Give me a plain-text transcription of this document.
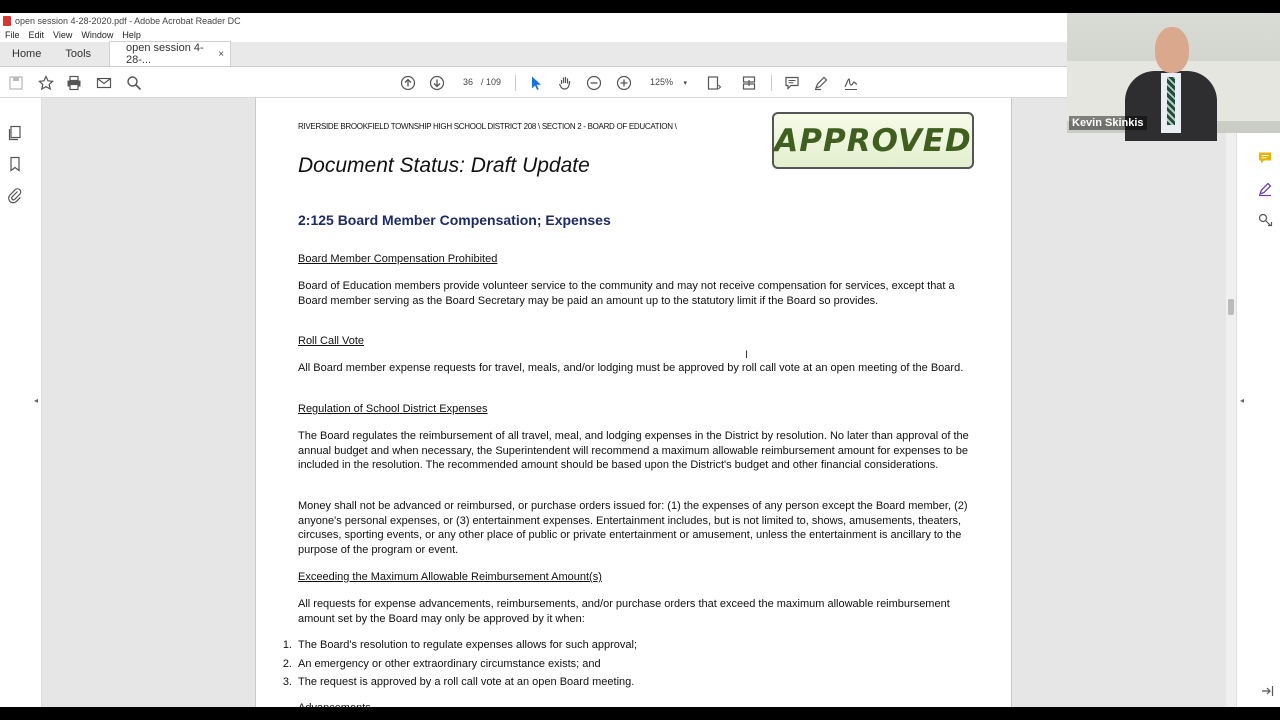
open session 4-28-2020.pdf - Adobe Acrobat Reader DC
File Edit View Window Help
Home	Tools	open session 4-28-...	×
36 / 109	125% ▾
◂
RIVERSIDE BROOKFIELD TOWNSHIP HIGH SCHOOL DISTRICT 208 \ SECTION 2 - BOARD OF EDUCATION \	APPROVED
Document Status: Draft Update
2:125 Board Member Compensation; Expenses
Board Member Compensation Prohibited

Board of Education members provide volunteer service to the community and may not receive compensation for services, except that a Board member serving as the Board Secretary may be paid an amount up to the statutory limit if the Board so provides.

Roll Call Vote

All Board member expense requests for travel, meals, and/or lodging must be approved by roll call vote at an open meeting of the Board.

Regulation of School District Expenses

The Board regulates the reimbursement of all travel, meal, and lodging expenses in the District by resolution. No later than approval of the annual budget and when necessary, the Superintendent will recommend a maximum allowable reimbursement amount for expenses to be included in the resolution. The recommended amount should be based upon the District's budget and other financial considerations.

Money shall not be advanced or reimbursed, or purchase orders issued for: (1) the expenses of any person except the Board member, (2) anyone's personal expenses, or (3) entertainment expenses. Entertainment includes, but is not limited to, shows, amusements, theaters, circuses, sporting events, or any other place of public or private entertainment or amusement, unless the entertainment is ancillary to the purpose of the program or event.

Exceeding the Maximum Allowable Reimbursement Amount(s)

All requests for expense advancements, reimbursements, and/or purchase orders that exceed the maximum allowable reimbursement amount set by the Board may only be approved by it when:

1. The Board's resolution to regulate expenses allows for such approval;
2. An emergency or other extraordinary circumstance exists; and
3. The request is approved by a roll call vote at an open Board meeting.
◂
I
Kevin Skinkis
